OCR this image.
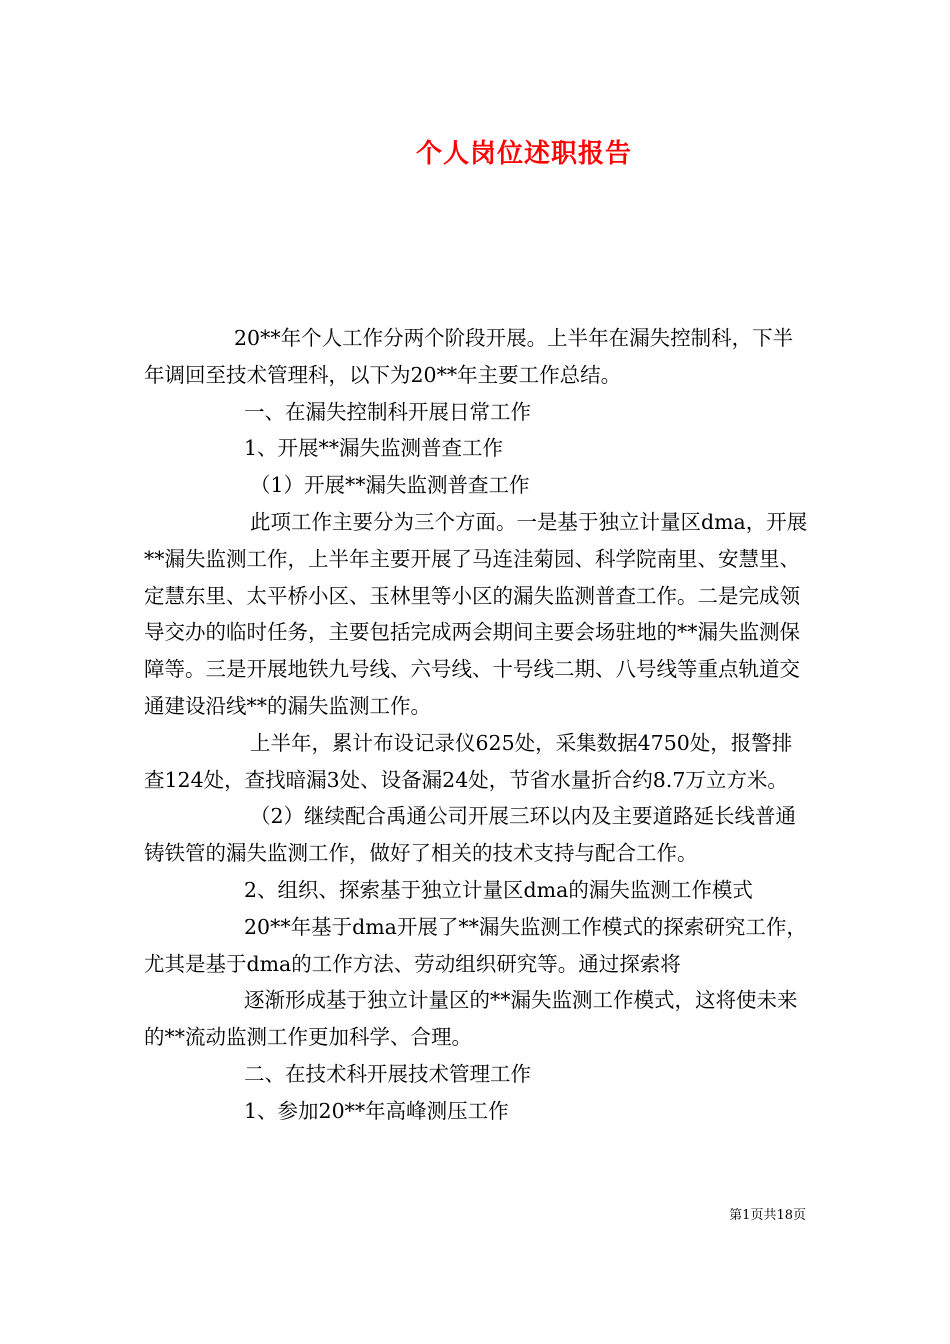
个人岗位述职报告

20**年个人工作分两个阶段开展。上半年在漏失控制科，下半年调回至技术管理科，以下为20**年主要工作总结。

一、在漏失控制科开展日常工作

1、开展**漏失监测普查工作

（1）开展**漏失监测普查工作

此项工作主要分为三个方面。一是基于独立计量区dma，开展**漏失监测工作，上半年主要开展了马连洼菊园、科学院南里、安慧里、定慧东里、太平桥小区、玉林里等小区的漏失监测普查工作。二是完成领导交办的临时任务，主要包括完成两会期间主要会场驻地的**漏失监测保障等。三是开展地铁九号线、六号线、十号线二期、八号线等重点轨道交通建设沿线**的漏失监测工作。

上半年，累计布设记录仪625处，采集数据4750处，报警排查124处，查找暗漏3处、设备漏24处，节省水量折合约8.7万立方米。

（2）继续配合禹通公司开展三环以内及主要道路延长线普通铸铁管的漏失监测工作，做好了相关的技术支持与配合工作。

2、组织、探索基于独立计量区dma的漏失监测工作模式

20**年基于dma开展了**漏失监测工作模式的探索研究工作，尤其是基于dma的工作方法、劳动组织研究等。通过探索将

逐渐形成基于独立计量区的**漏失监测工作模式，这将使未来的**流动监测工作更加科学、合理。

二、在技术科开展技术管理工作

1、参加20**年高峰测压工作

第1页共18页
